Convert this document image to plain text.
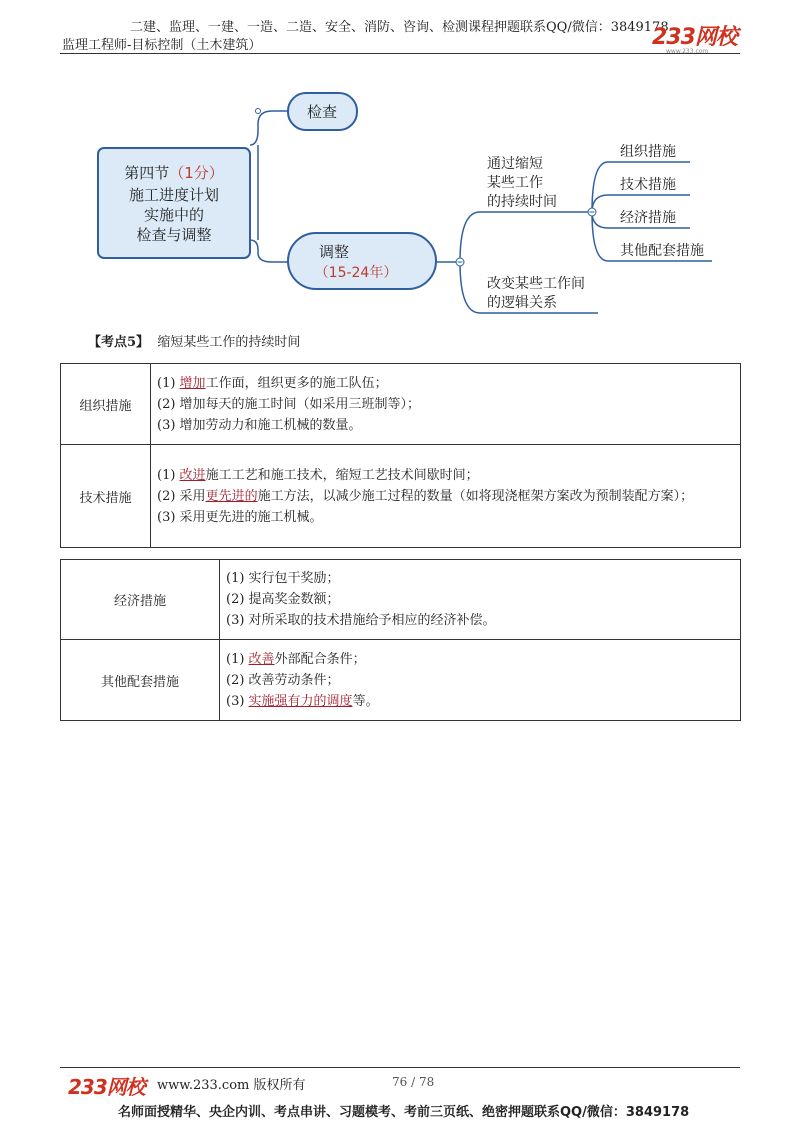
二建、监理、一建、一造、二造、安全、消防、咨询、检测课程押题联系QQ/微信：3849178
监理工程师-目标控制（土木建筑）	233网校
www.233.com
第四节（1分）
施工进度计划
实施中的
检查与调整
检查
调整
（15-24年）
通过缩短
某些工作
的持续时间
改变某些工作间
的逻辑关系
组织措施
技术措施
经济措施
其他配套措施
【考点5】 缩短某些工作的持续时间
组织措施	(1) 增加工作面，组织更多的施工队伍；
(2) 增加每天的施工时间（如采用三班制等）；
(3) 增加劳动力和施工机械的数量。

技术措施	(1) 改进施工工艺和施工技术，缩短工艺技术间歇时间；
(2) 采用更先进的施工方法，以减少施工过程的数量（如将现浇框架方案改为预制装配方案）；
(3) 采用更先进的施工机械。
经济措施	(1) 实行包干奖励；
(2) 提高奖金数额；
(3) 对所采取的技术措施给予相应的经济补偿。

其他配套措施	(1) 改善外部配合条件；
(2) 改善劳动条件；
(3) 实施强有力的调度等。
233网校 www.233.com 版权所有	76 / 78
名师面授精华、央企内训、考点串讲、习题模考、考前三页纸、绝密押题联系QQ/微信：3849178
